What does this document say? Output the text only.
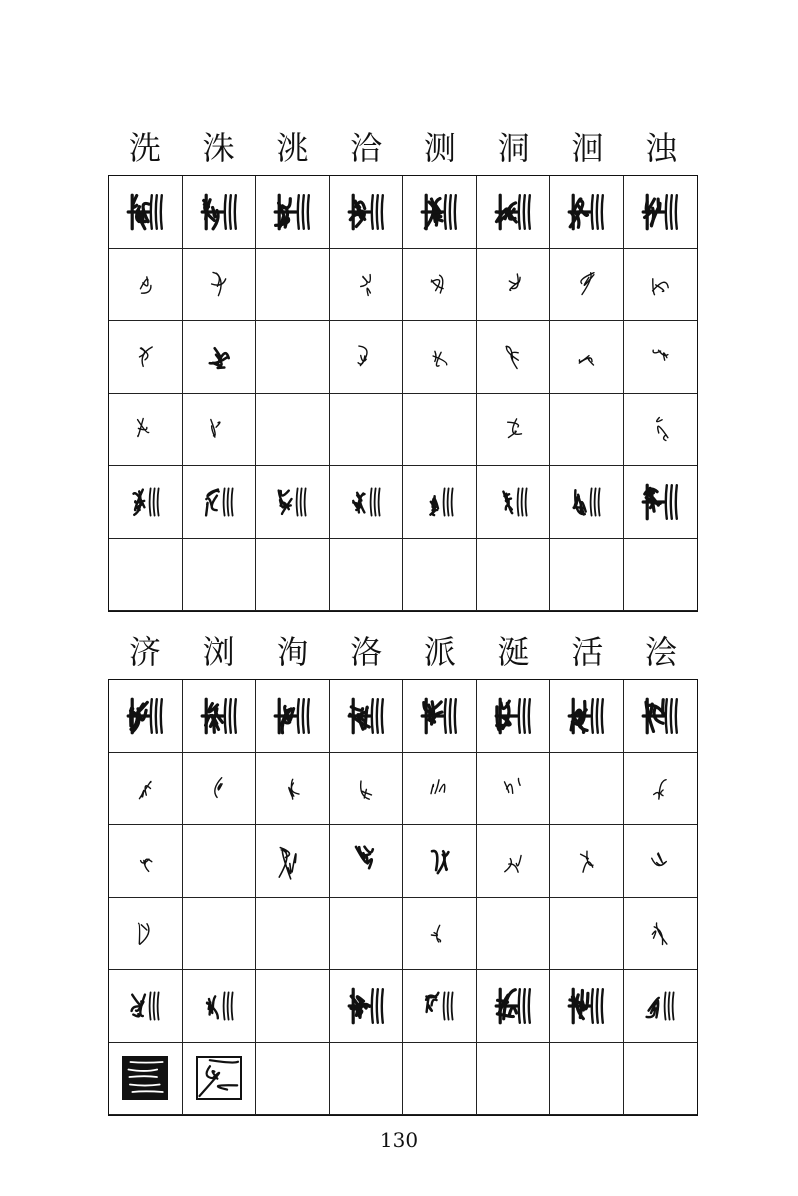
洗	洙	洮	洽	测	洞	洄	浊
济	浏	洵	洛	派	涎	活	浍
130
